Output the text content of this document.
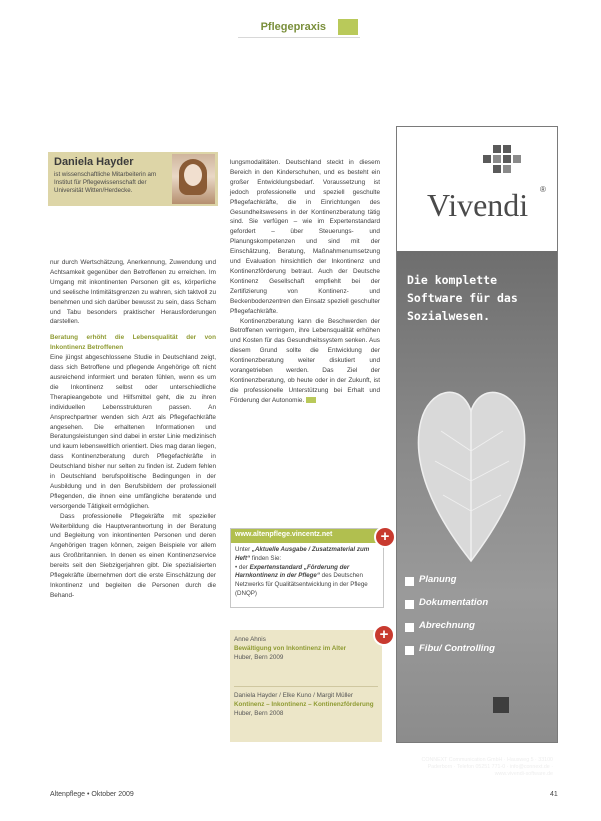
Pflegepraxis
Daniela Hayder
ist wissenschaftliche Mitarbeiterin am Institut für Pflegewissenschaft der Universität Witten/Herdecke.

nur durch Wertschätzung, Anerkennung, Zuwendung und Achtsamkeit gegenüber den Betroffenen zu erreichen. Im Umgang mit inkontinenten Personen gilt es, körperliche und seelische Intimitätsgrenzen zu wahren, sich taktvoll zu benehmen und sich darüber bewusst zu sein, dass Scham und Tabu besonders praktischer Herausforderungen darstellen.

Beratung erhöht die Lebensqualität der von Inkontinenz Betroffenen

Eine jüngst abgeschlossene Studie in Deutschland zeigt, dass sich Betroffene und pflegende Angehörige oft nicht ausreichend informiert und beraten fühlen, wenn es um die Inkontinenz selbst oder unterschiedliche Therapieangebote und Hilfsmittel geht, die zu ihren individuellen Lebensstrukturen passen. An Ansprechpartner wenden sich Arzt als Pflegefachkräfte angesehen. Die erhaltenen Informationen und Beratungsleistungen sind dabei in erster Linie medizinisch und kaum lebensweltlich orientiert. Dies mag daran liegen, dass Kontinenzberatung durch Pflegefachkräfte in Deutschland bisher nur selten zu finden ist. Zudem fehlen in Deutschland berufspolitische Bedingungen in der Ausbildung und in den Berufsbildern der professionell Pflegenden, die ihnen eine umfängliche beratende und versorgende Tätigkeit ermöglichen.

Dass professionelle Pflegekräfte mit spezieller Weiterbildung die Hauptverantwortung in der Beratung und Begleitung von inkontinenten Personen und deren Angehörigen tragen können, zeigen Beispiele vor allem aus Großbritannien. In denen es einen Kontinenzservice bereits seit den Siebzigerjahren gibt. Die spezialisierten Pflegekräfte übernehmen dort die erste Einschätzung der Inkontinenz und begleiten die Personen durch die Behand-

lungsmodalitäten. Deutschland steckt in diesem Bereich in den Kinderschuhen, und es besteht ein großer Entwicklungsbedarf. Voraussetzung ist jedoch professionelle und speziell geschulte Pflegefachkräfte, die in Einrichtungen des Gesundheitswesens in der Kontinenzberatung tätig sind. Sie verfügen – wie im Expertenstandard gefordert – über Steuerungs- und Planungskompetenzen und sind mit der Einschätzung, Beratung, Maßnahmenumsetzung und Evaluation hinsichtlich der Inkontinenz und Kontinenzförderung betraut. Auch der Deutsche Kontinenz Gesellschaft empfiehlt bei der Zertifizierung von Kontinenz- und Beckenbodenzentren den Einsatz speziell geschulter Pflegefachkräfte.

Kontinenzberatung kann die Beschwerden der Betroffenen verringern, ihre Lebensqualität erhöhen und Kosten für das Gesundheitssystem senken. Aus diesem Grund sollte die Entwicklung der Kontinenzberatung weiter diskutiert und vorangetrieben werden. Das Ziel der Kontinenzberatung, ob heute oder in der Zukunft, ist die professionelle Unterstützung bei Erhalt und Förderung der Autonomie.

www.altenpflege.vincentz.net	+
Unter „Aktuelle Ausgabe / Zusatzmaterial zum Heft“ finden Sie:
• der Expertenstandard „Förderung der Harnkontinenz in der Pflege“ des Deutschen Netzwerks für Qualitätsentwicklung in der Pflege (DNQP)
+
Anne Ahnis
Bewältigung von Inkontinenz im Alter
Huber, Bern 2009
Daniela Hayder / Elke Kuno / Margit Müller
Kontinenz – Inkontinenz – Kontinenzförderung
Huber, Bern 2008
Altenpflege • Oktober 2009	41
Vivendi ®
Die komplette Software für das Sozialwesen.
Planung
Dokumentation
Abrechnung
Fibu/ Controlling
CONNEXT Communication GmbH · Hausweg 5 · 33100 Paderborn · Telefon 05251 771-0 · info@connext.de · www.vivendi-software.de
